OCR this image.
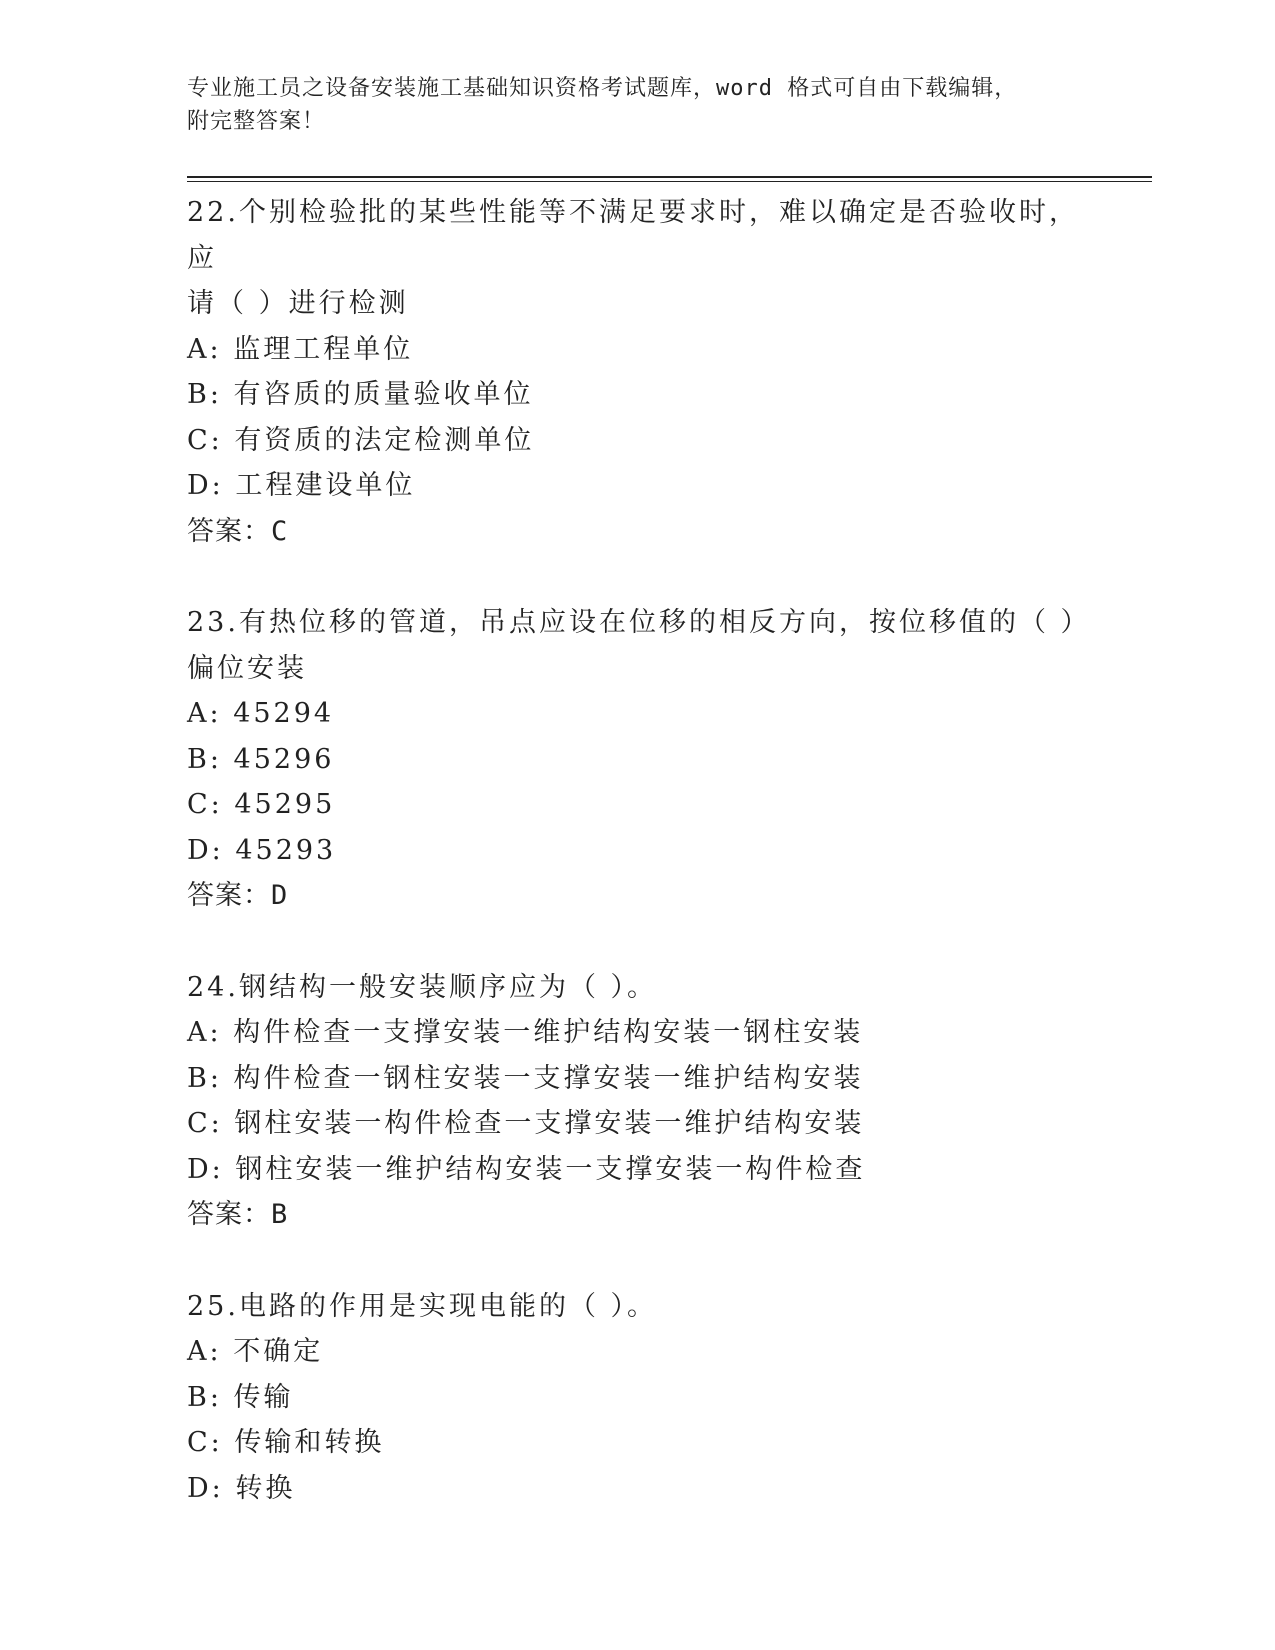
专业施工员之设备安装施工基础知识资格考试题库，word 格式可自由下载编辑，
附完整答案！
22.个别检验批的某些性能等不满足要求时，难以确定是否验收时，应
请（ ）进行检测
A: 监理工程单位
B: 有咨质的质量验收单位
C: 有资质的法定检测单位
D: 工程建设单位
答案：C
23.有热位移的管道，吊点应设在位移的相反方向，按位移值的（ ）
偏位安装
A: 45294
B: 45296
C: 45295
D: 45293
答案：D
24.钢结构一般安装顺序应为（ ）。
A: 构件检查一支撑安装一维护结构安装一钢柱安装
B: 构件检查一钢柱安装一支撑安装一维护结构安装
C: 钢柱安装一构件检查一支撑安装一维护结构安装
D: 钢柱安装一维护结构安装一支撑安装一构件检查
答案：B
25.电路的作用是实现电能的（ ）。
A: 不确定
B: 传输
C: 传输和转换
D: 转换
